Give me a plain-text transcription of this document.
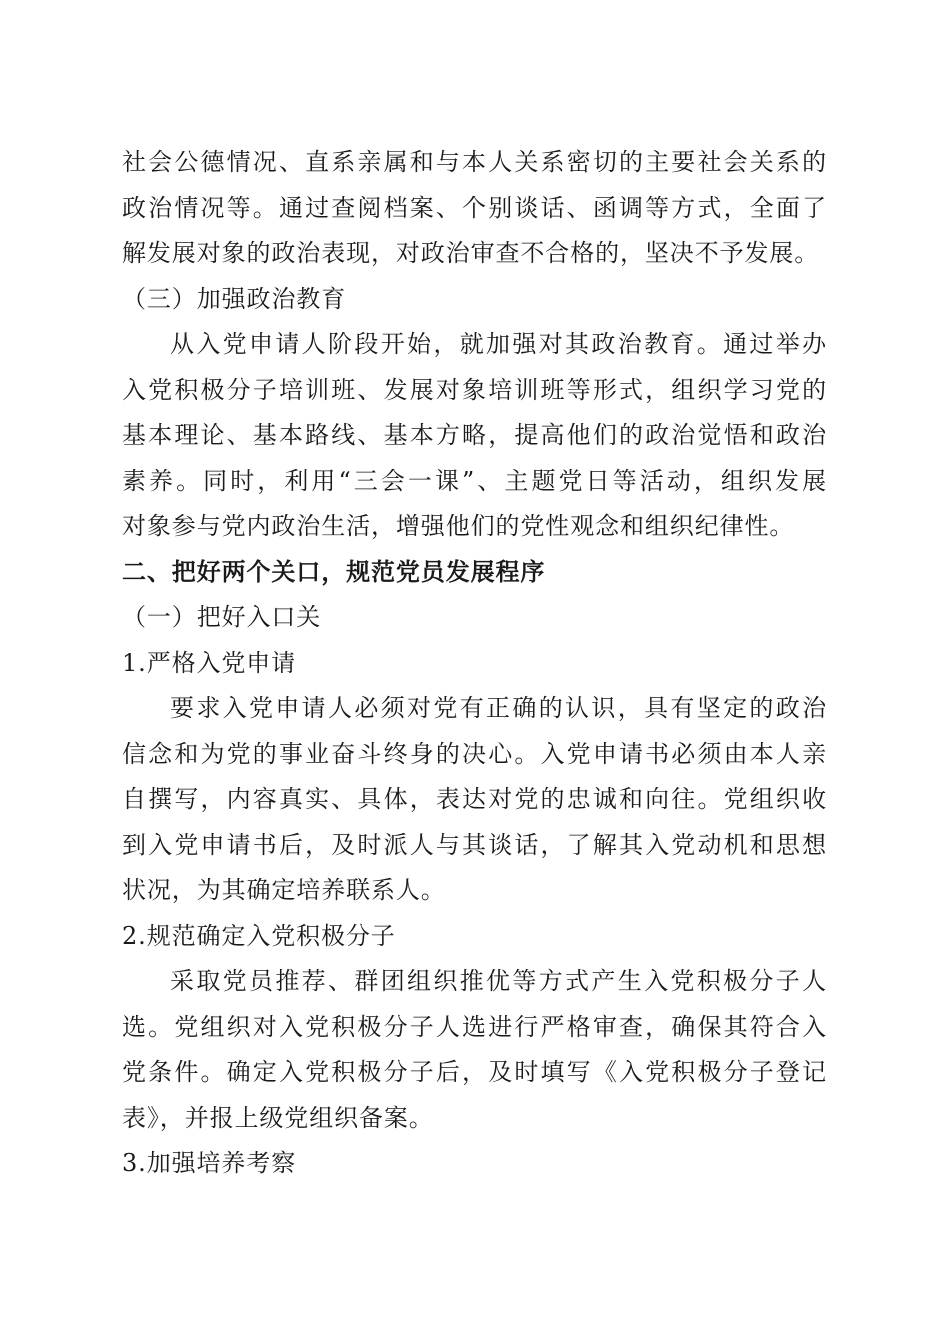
社会公德情况、直系亲属和与本人关系密切的主要社会关系的
政治情况等。通过查阅档案、个别谈话、函调等方式，全面了
解发展对象的政治表现，对政治审查不合格的，坚决不予发展。

（三）加强政治教育

从入党申请人阶段开始，就加强对其政治教育。通过举办
入党积极分子培训班、发展对象培训班等形式，组织学习党的
基本理论、基本路线、基本方略，提高他们的政治觉悟和政治
素养。同时，利用“三会一课”、主题党日等活动，组织发展
对象参与党内政治生活，增强他们的党性观念和组织纪律性。

二、把好两个关口，规范党员发展程序

（一）把好入口关

1.严格入党申请

要求入党申请人必须对党有正确的认识，具有坚定的政治
信念和为党的事业奋斗终身的决心。入党申请书必须由本人亲
自撰写，内容真实、具体，表达对党的忠诚和向往。党组织收
到入党申请书后，及时派人与其谈话，了解其入党动机和思想
状况，为其确定培养联系人。

2.规范确定入党积极分子

采取党员推荐、群团组织推优等方式产生入党积极分子人
选。党组织对入党积极分子人选进行严格审查，确保其符合入
党条件。确定入党积极分子后，及时填写《入党积极分子登记
表》，并报上级党组织备案。

3.加强培养考察
